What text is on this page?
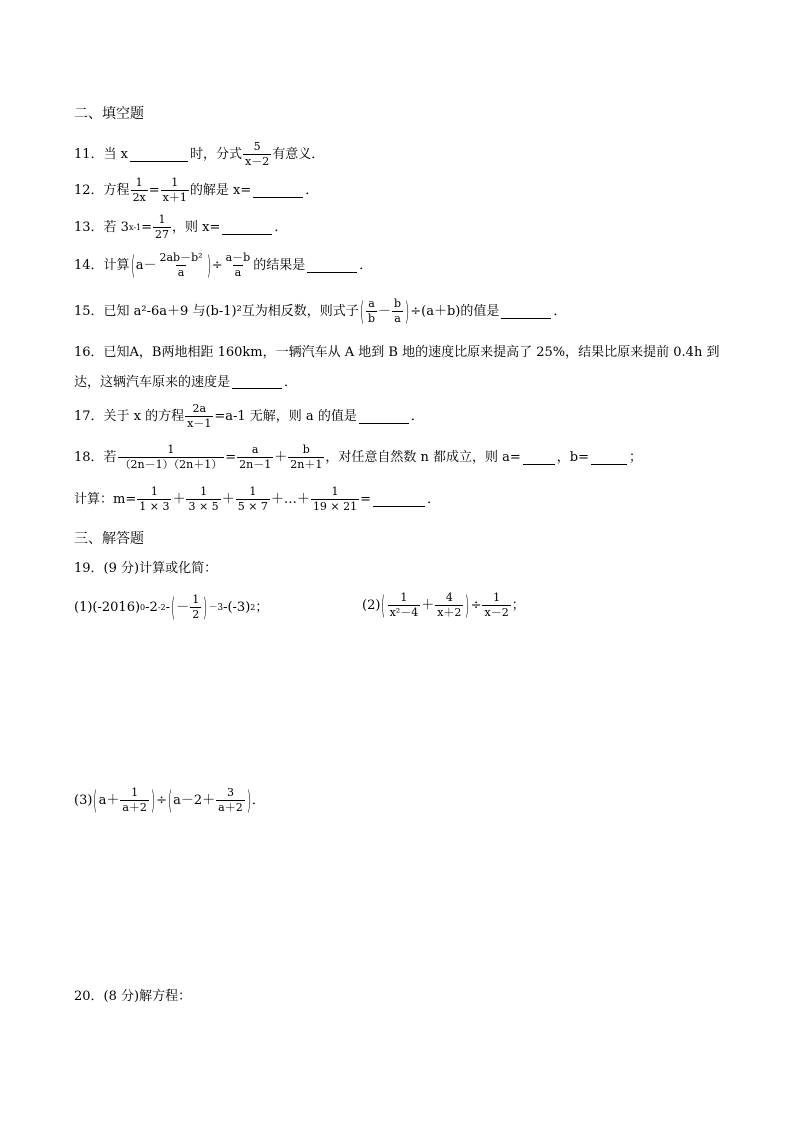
二、填空题
11． 当 x	时，分式
5
x－2 有意义．
12． 方程 $\frac{1}{2x} = \frac{1}{x+1}$ 的解是 x=	．
13． 若 3 $x-1 = \frac{1}{27}$ ，则 x=	．
14． 计算 ( a－
2ab－b²
a ) ÷ $\frac{a-b}{a}$ 的结果是	．
15． 已知 a²-6a＋9 与(b-1)²互为相反数，则式子 ( a
b －
b
a ) ÷(a＋b)的值是	．
16． 已知A，B两地相距 160km，一辆汽车从 A 地到 B 地的速度比原来提高了 25%，结果比原来提前 0.4h 到
达，这辆汽车原来的速度是	．
17． 关于 x 的方程 $\frac{2a}{x-1} =a-1$ 无解，则 a 的值是	．
18． 若 $\frac{1}{(2n-1)(2n+1)} = \frac{a}{2n-1}$ ＋
b
2n＋1 ，对任意自然数 n 都成立，则 a=	，b=	；
计算：$m= \frac{1}{1 \times 3}$ ＋
1
3 × 5 ＋
1
5 × 7 ＋…＋ $\frac{1}{19 \times 21}$ =	．
三、解答题
19． (9 分)计算或化简：
(1)(-2016) 0 -2 -2 - ( －
1
2 ) －3 -(-3) 2 ；	(2) ( 1
x²－4 ＋
4
x＋2 ) ÷ $\frac{1}{x-2}$ ；
(3) ( a＋
1
a＋2 ) ÷ ( a－2＋
3
a＋2 ) ．
20． (8 分)解方程：
